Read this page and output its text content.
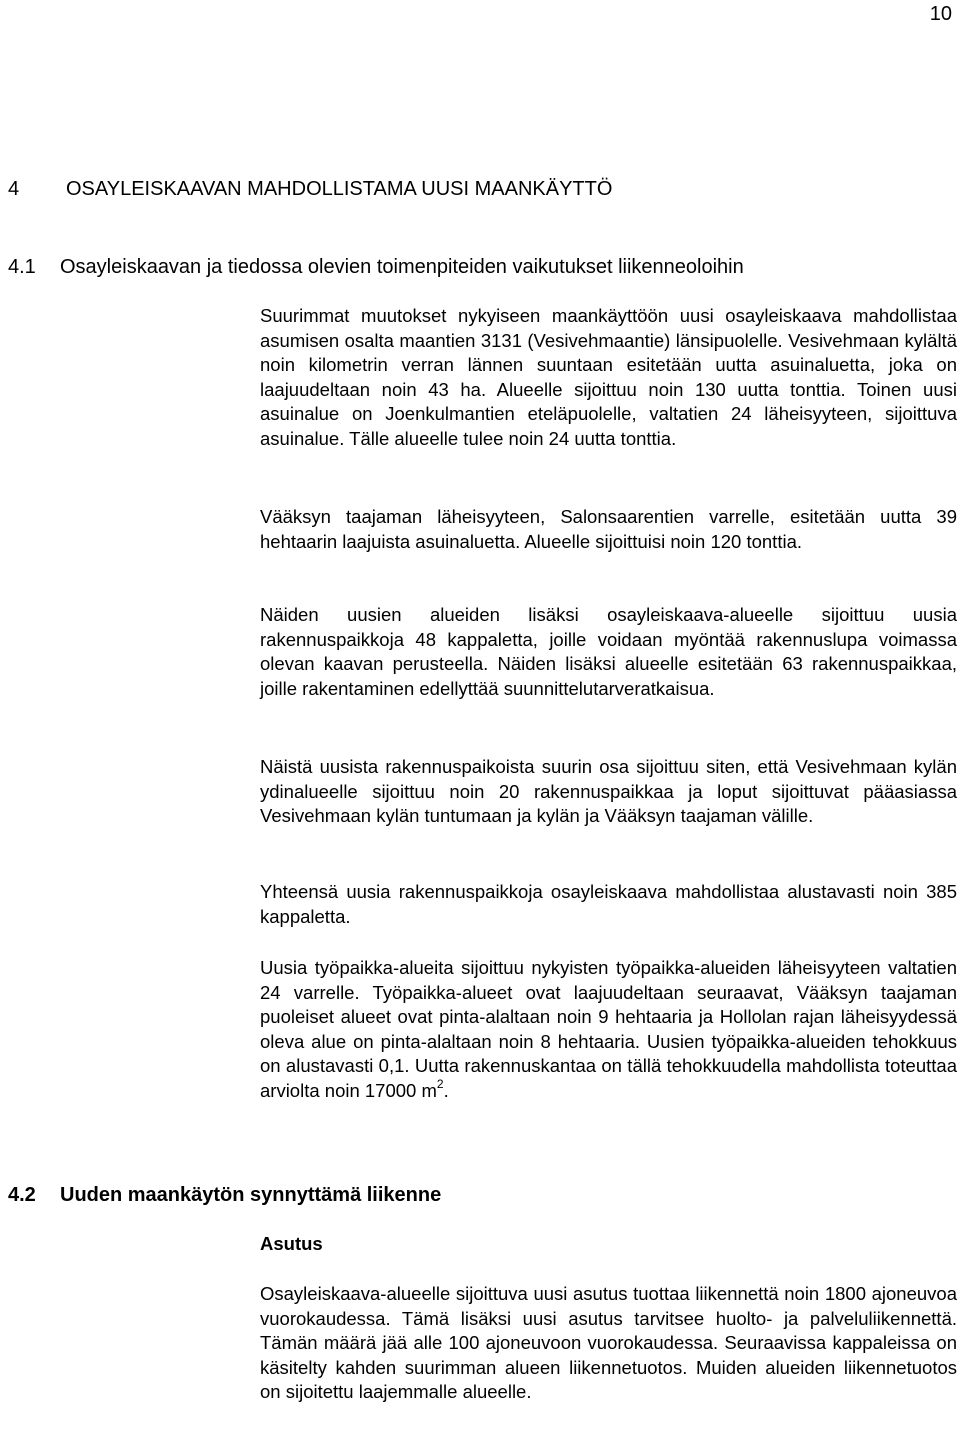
10
4 OSAYLEISKAAVAN MAHDOLLISTAMA UUSI MAANKÄYTTÖ
4.1 Osayleiskaavan ja tiedossa olevien toimenpiteiden vaikutukset liikenneoloihin

Suurimmat muutokset nykyiseen maankäyttöön uusi osayleiskaava mahdollistaa asumisen osalta maantien 3131 (Vesivehmaantie) länsipuolelle. Vesivehmaan kylältä noin kilometrin verran lännen suuntaan esitetään uutta asuinaluetta, joka on laajuudeltaan noin 43 ha. Alueelle sijoittuu noin 130 uutta tonttia. Toinen uusi asuinalue on Joenkulmantien eteläpuolelle, valtatien 24 läheisyyteen, sijoittuva asuinalue. Tälle alueelle tulee noin 24 uutta tonttia.

Vääksyn taajaman läheisyyteen, Salonsaarentien varrelle, esitetään uutta 39 hehtaarin laajuista asuinaluetta. Alueelle sijoittuisi noin 120 tonttia.

Näiden uusien alueiden lisäksi osayleiskaava-alueelle sijoittuu uusia rakennuspaikkoja 48 kappaletta, joille voidaan myöntää rakennuslupa voimassa olevan kaavan perusteella. Näiden lisäksi alueelle esitetään 63 rakennuspaikkaa, joille rakentaminen edellyttää suunnittelutarveratkaisua.

Näistä uusista rakennuspaikoista suurin osa sijoittuu siten, että Vesivehmaan kylän ydinalueelle sijoittuu noin 20 rakennuspaikkaa ja loput sijoittuvat pääasiassa Vesivehmaan kylän tuntumaan ja kylän ja Vääksyn taajaman välille.

Yhteensä uusia rakennuspaikkoja osayleiskaava mahdollistaa alustavasti noin 385 kappaletta.

Uusia työpaikka-alueita sijoittuu nykyisten työpaikka-alueiden läheisyyteen valtatien 24 varrelle. Työpaikka-alueet ovat laajuudeltaan seuraavat, Vääksyn taajaman puoleiset alueet ovat pinta-alaltaan noin 9 hehtaaria ja Hollolan rajan läheisyydessä oleva alue on pinta-alaltaan noin 8 hehtaaria. Uusien työpaikka-alueiden tehokkuus on alustavasti 0,1. Uutta rakennuskantaa on tällä tehokkuudella mahdollista toteuttaa arviolta noin 17000 $m^2$.

4.2 Uuden maankäytön synnyttämä liikenne
Asutus

Osayleiskaava-alueelle sijoittuva uusi asutus tuottaa liikennettä noin 1800 ajoneuvoa vuorokaudessa. Tämä lisäksi uusi asutus tarvitsee huolto- ja palveluliikennettä. Tämän määrä jää alle 100 ajoneuvoon vuorokaudessa. Seuraavissa kappaleissa on käsitelty kahden suurimman alueen liikennetuotos. Muiden alueiden liikennetuotos on sijoitettu laajemmalle alueelle.
